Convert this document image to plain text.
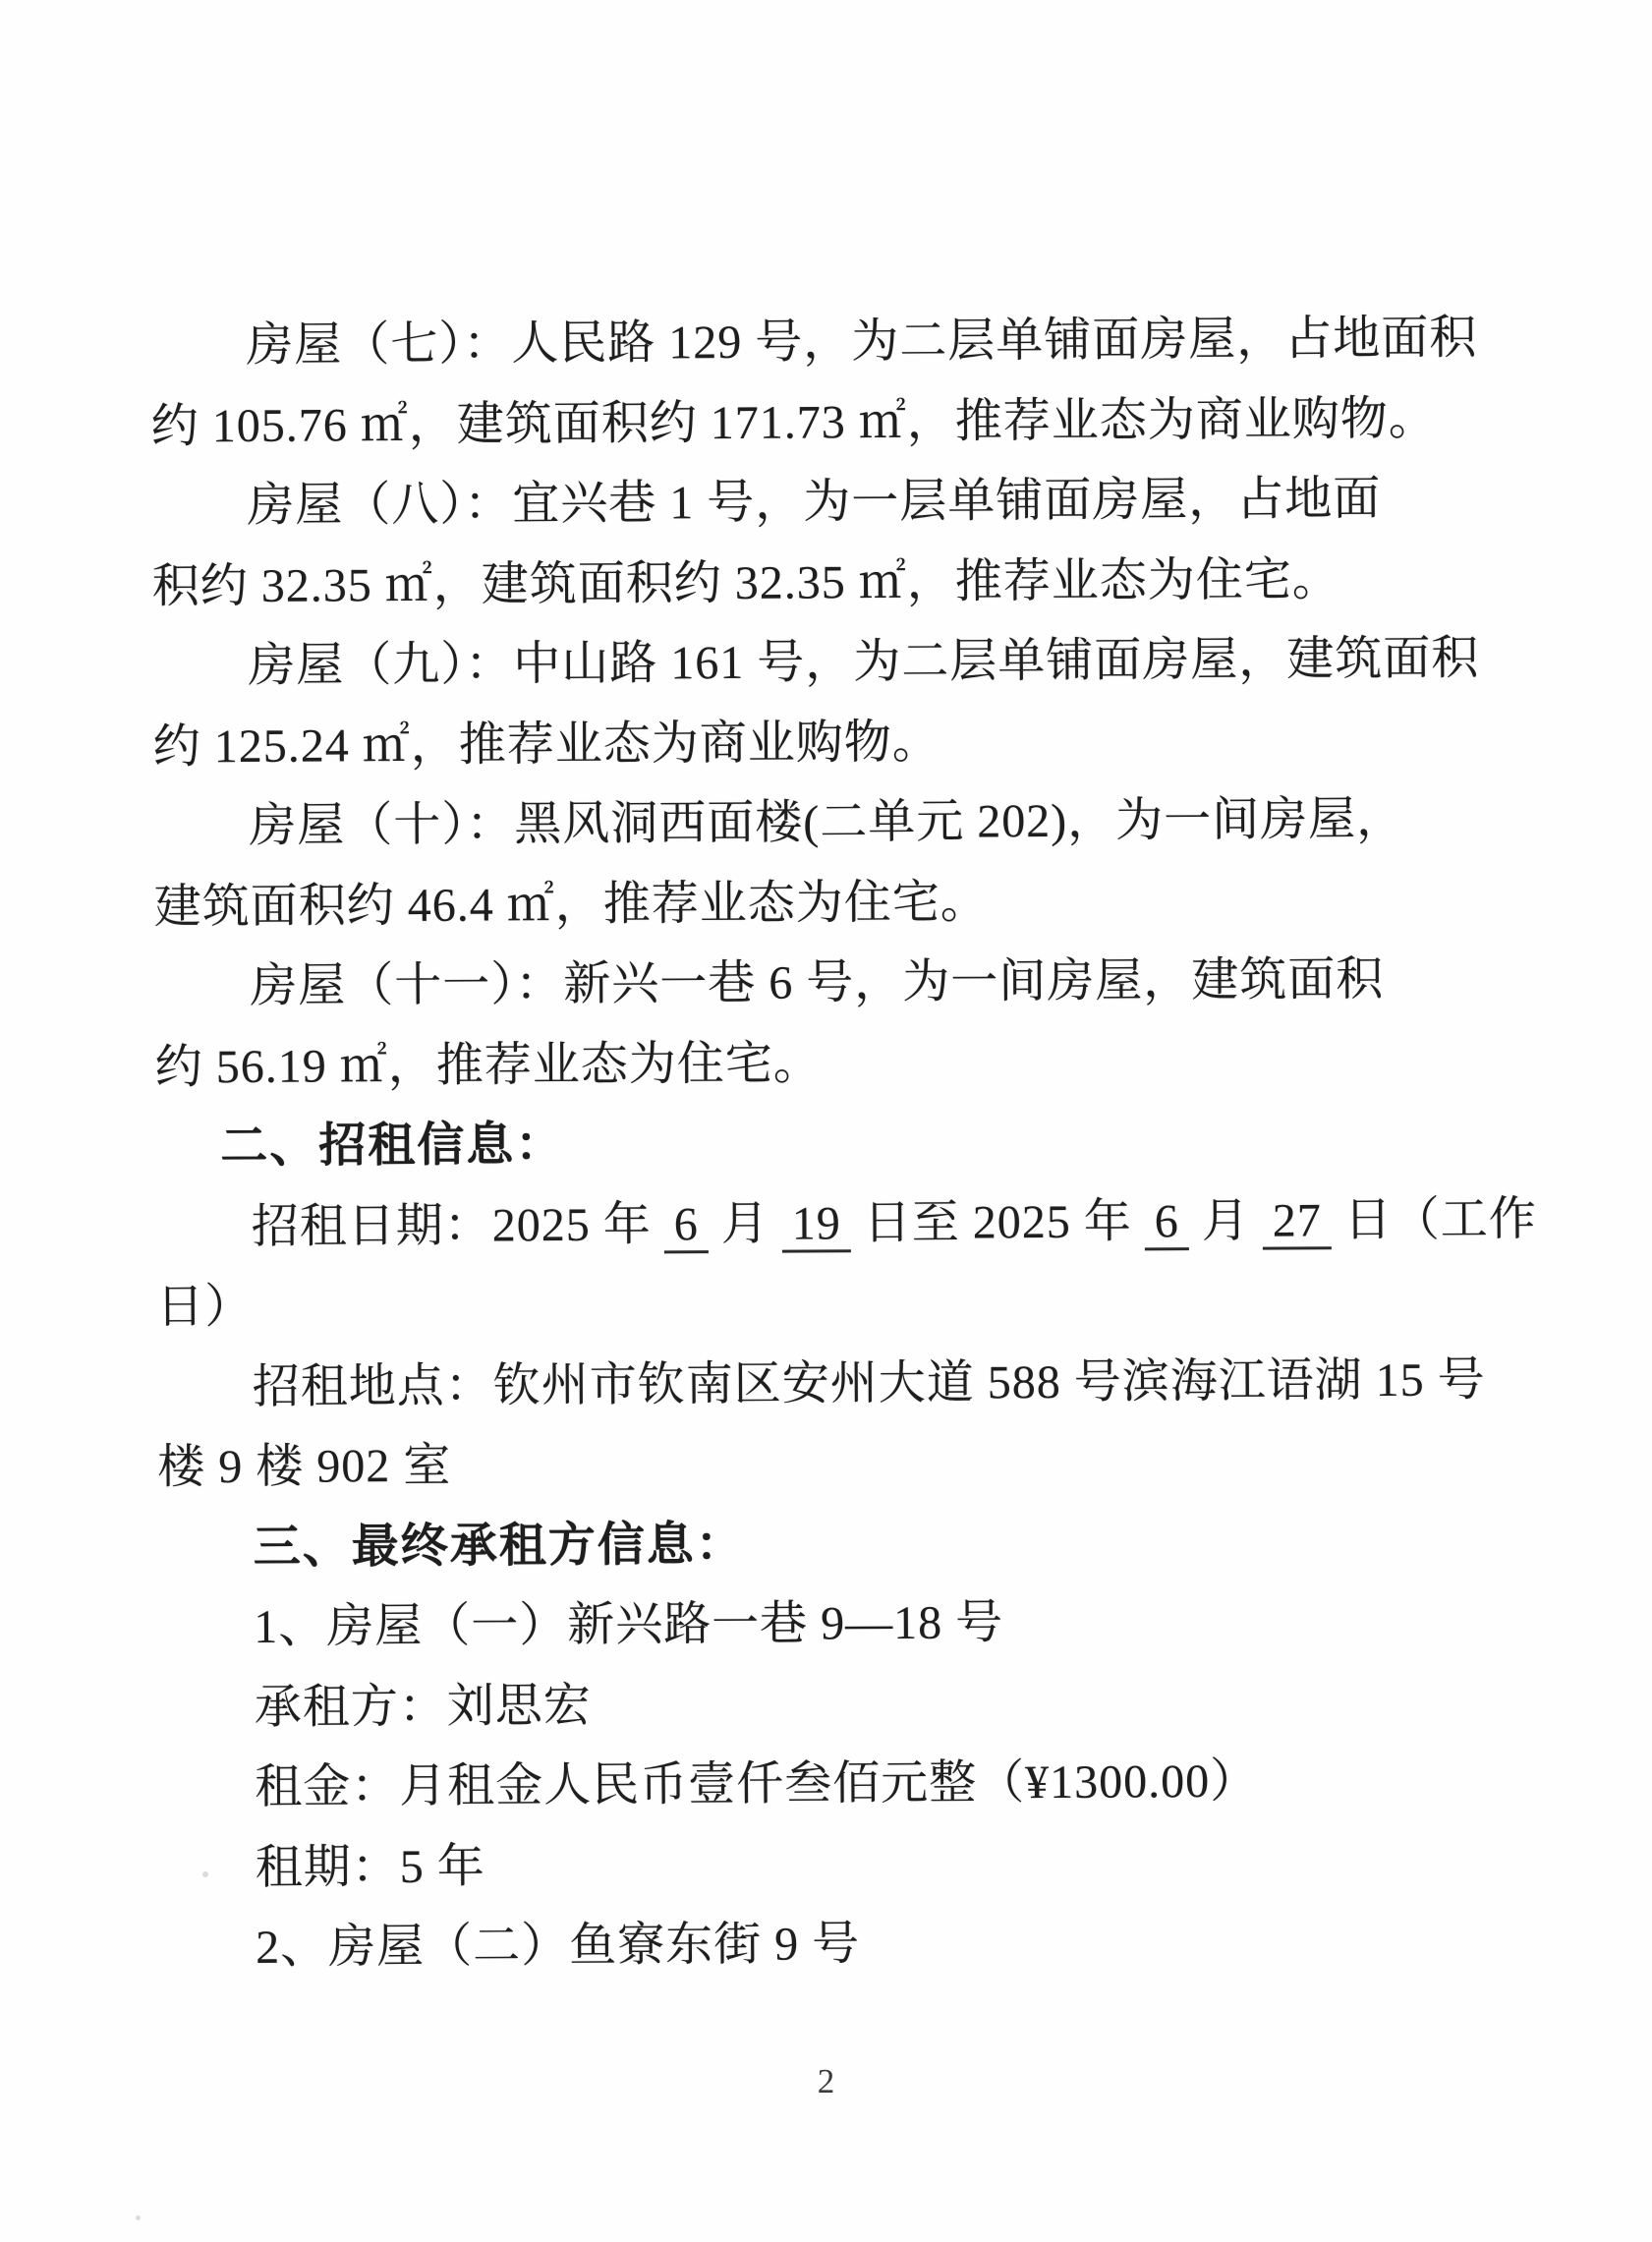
房屋（七）：人民路 129 号，为二层单铺面房屋，占地面积
约 105.76 ㎡，建筑面积约 171.73 ㎡，推荐业态为商业购物。
房屋（八）：宜兴巷 1 号，为一层单铺面房屋，占地面
积约 32.35 ㎡，建筑面积约 32.35 ㎡，推荐业态为住宅。
房屋（九）：中山路 161 号，为二层单铺面房屋，建筑面积
约 125.24 ㎡，推荐业态为商业购物。
房屋（十）：黑风洞西面楼(二单元 202)，为一间房屋，
建筑面积约 46.4 ㎡，推荐业态为住宅。
房屋（十一）：新兴一巷 6 号，为一间房屋，建筑面积
约 56.19 ㎡，推荐业态为住宅。
二、招租信息：
招租日期：2025 年 6 月 19 日至 2025 年 6 月 27 日（工作
日）
招租地点：钦州市钦南区安州大道 588 号滨海江语湖 15 号
楼 9 楼 902 室
三、最终承租方信息：
1、房屋（一）新兴路一巷 9—18 号
承租方：刘思宏
租金：月租金人民币壹仟叁佰元整（¥1300.00）
租期：5 年
2、房屋（二）鱼寮东街 9 号
2
